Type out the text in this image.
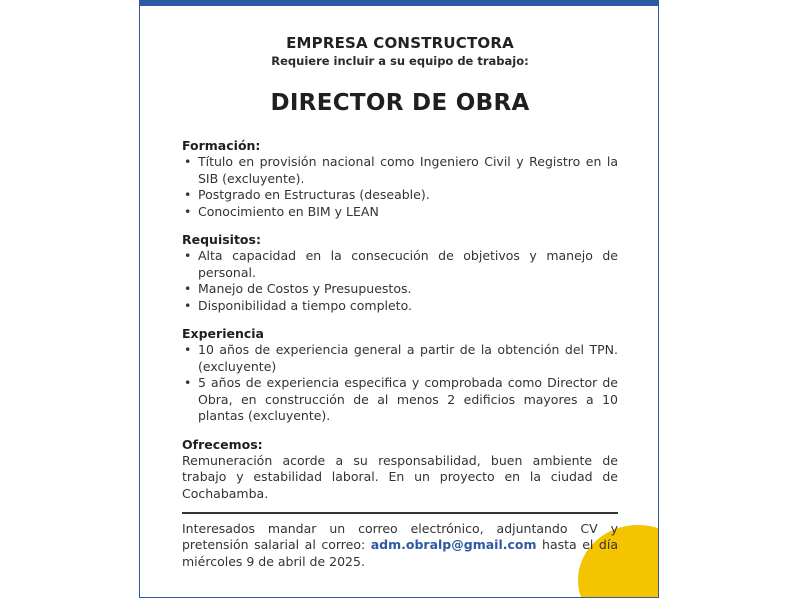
EMPRESA CONSTRUCTORA
Requiere incluir a su equipo de trabajo:
DIRECTOR DE OBRA
Formación:
• Título en provisión nacional como Ingeniero Civil y Registro en la SIB (excluyente).
• Postgrado en Estructuras (deseable).
• Conocimiento en BIM y LEAN
Requisitos:
• Alta capacidad en la consecución de objetivos y manejo de personal.
• Manejo de Costos y Presupuestos.
• Disponibilidad a tiempo completo.
Experiencia
• 10 años de experiencia general a partir de la obtención del TPN. (excluyente)
• 5 años de experiencia especifica y comprobada como Director de Obra, en construcción de al menos 2 edificios mayores a 10 plantas (excluyente).
Ofrecemos:
Remuneración acorde a su responsabilidad, buen ambiente de trabajo y estabilidad laboral. En un proyecto en la ciudad de Cochabamba.
Interesados mandar un correo electrónico, adjuntando CV y pretensión salarial al correo: adm.obralp@gmail.com hasta el día miércoles 9 de abril de 2025.
